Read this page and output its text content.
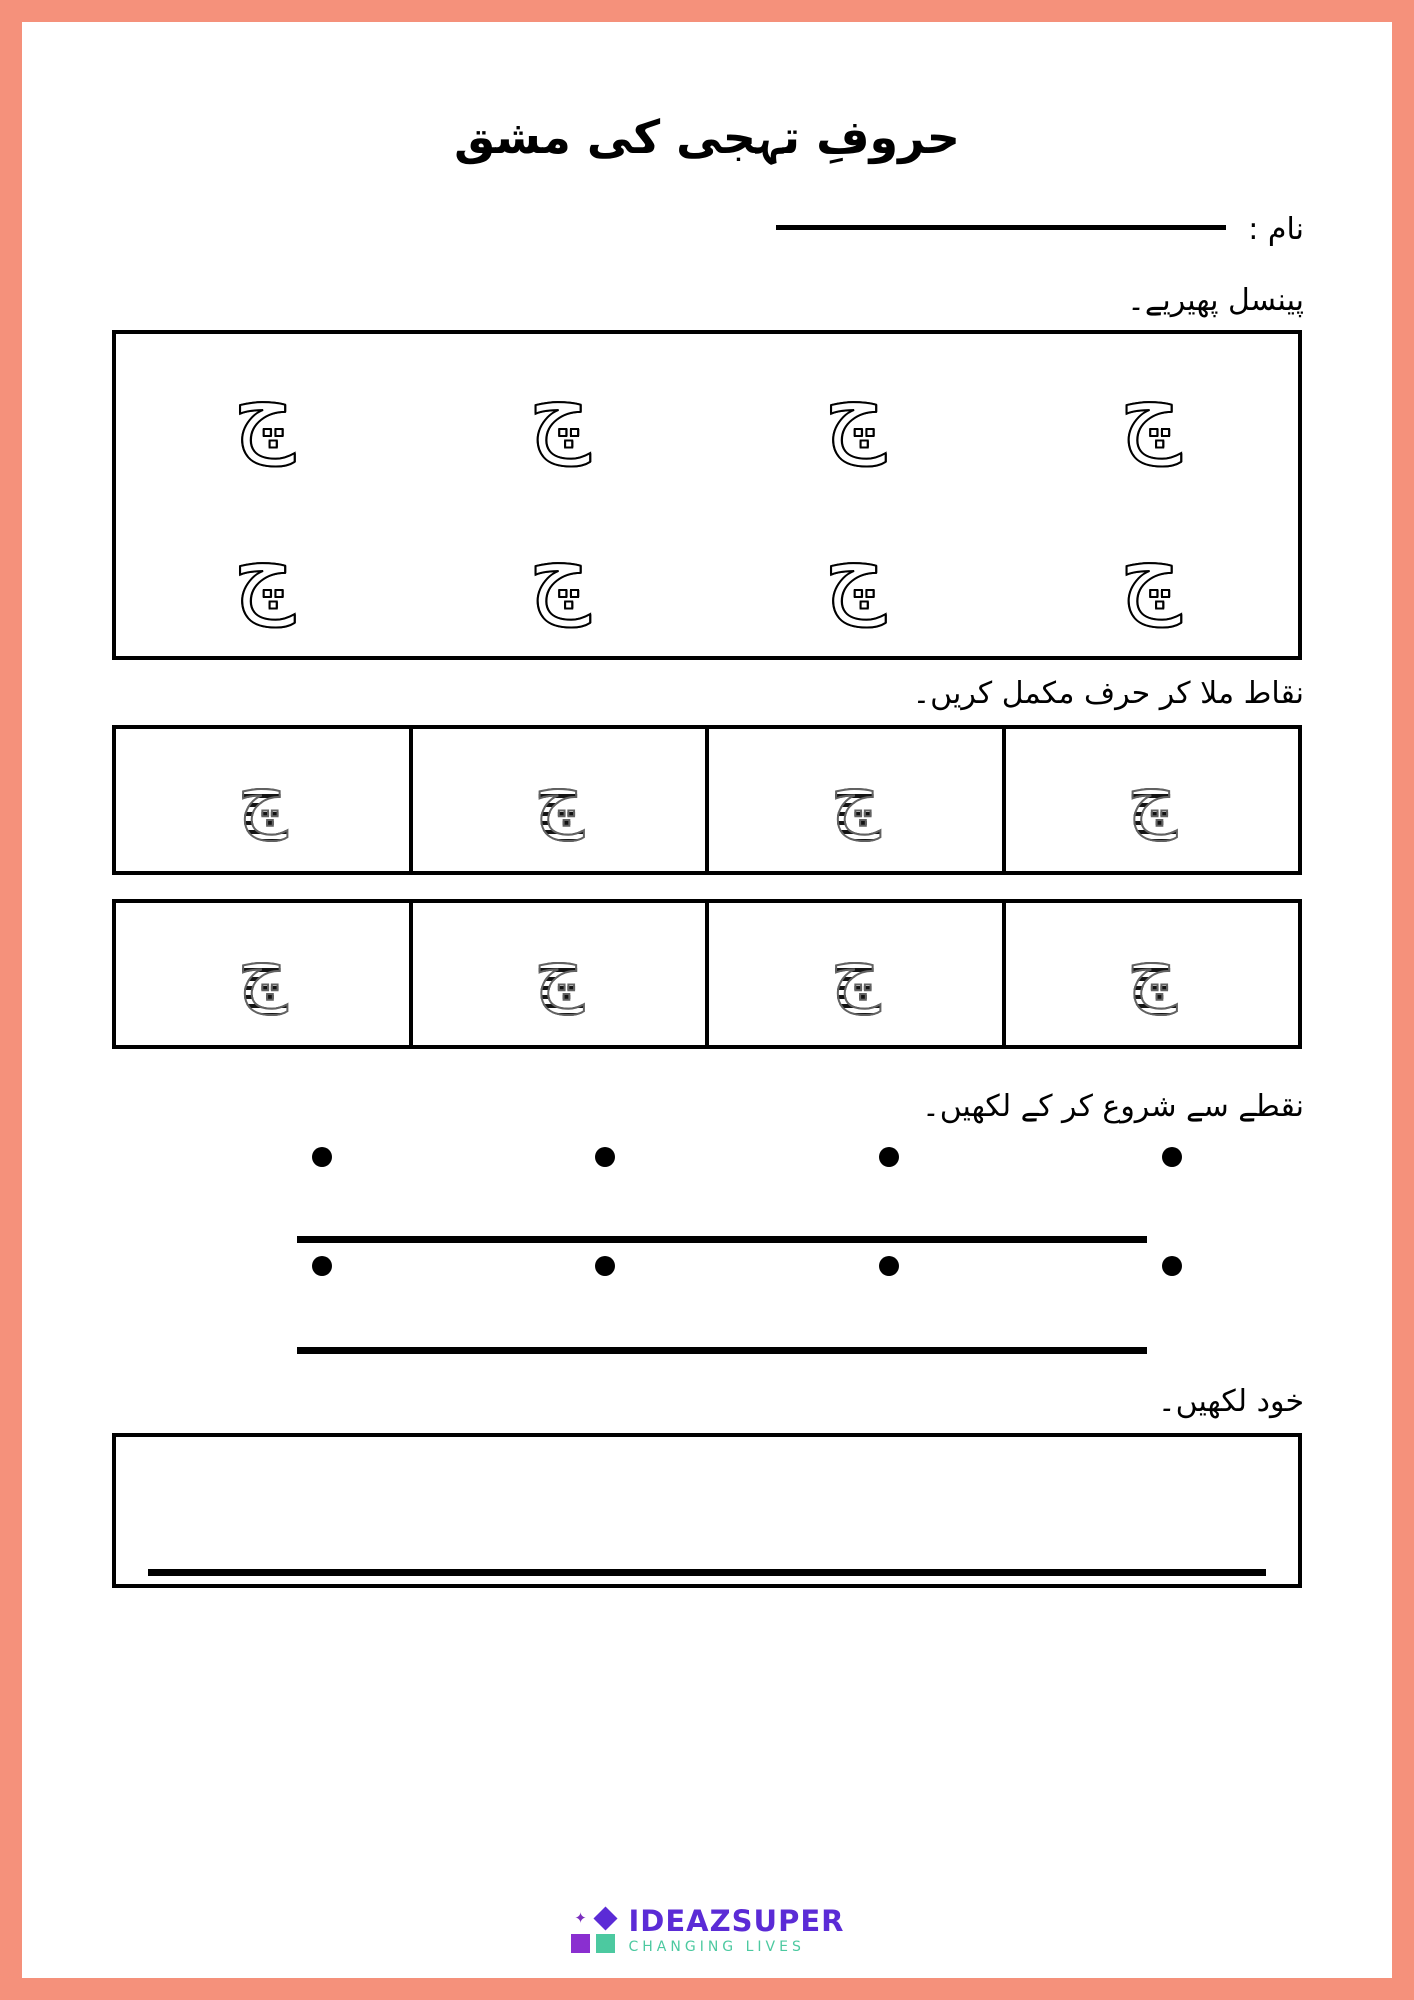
حروفِ تہجی کی مشق
نام :
پینسل پھیریے۔
چ
چ
چ
چ
چ
چ
چ
چ
نقاط ملا کر حرف مکمل کریں۔
چ
چ
چ
چ
چ
چ
چ
چ
نقطے سے شروع کر کے لکھیں۔
خود لکھیں۔
✦ IDEAZSUPER
CHANGING LIVES
